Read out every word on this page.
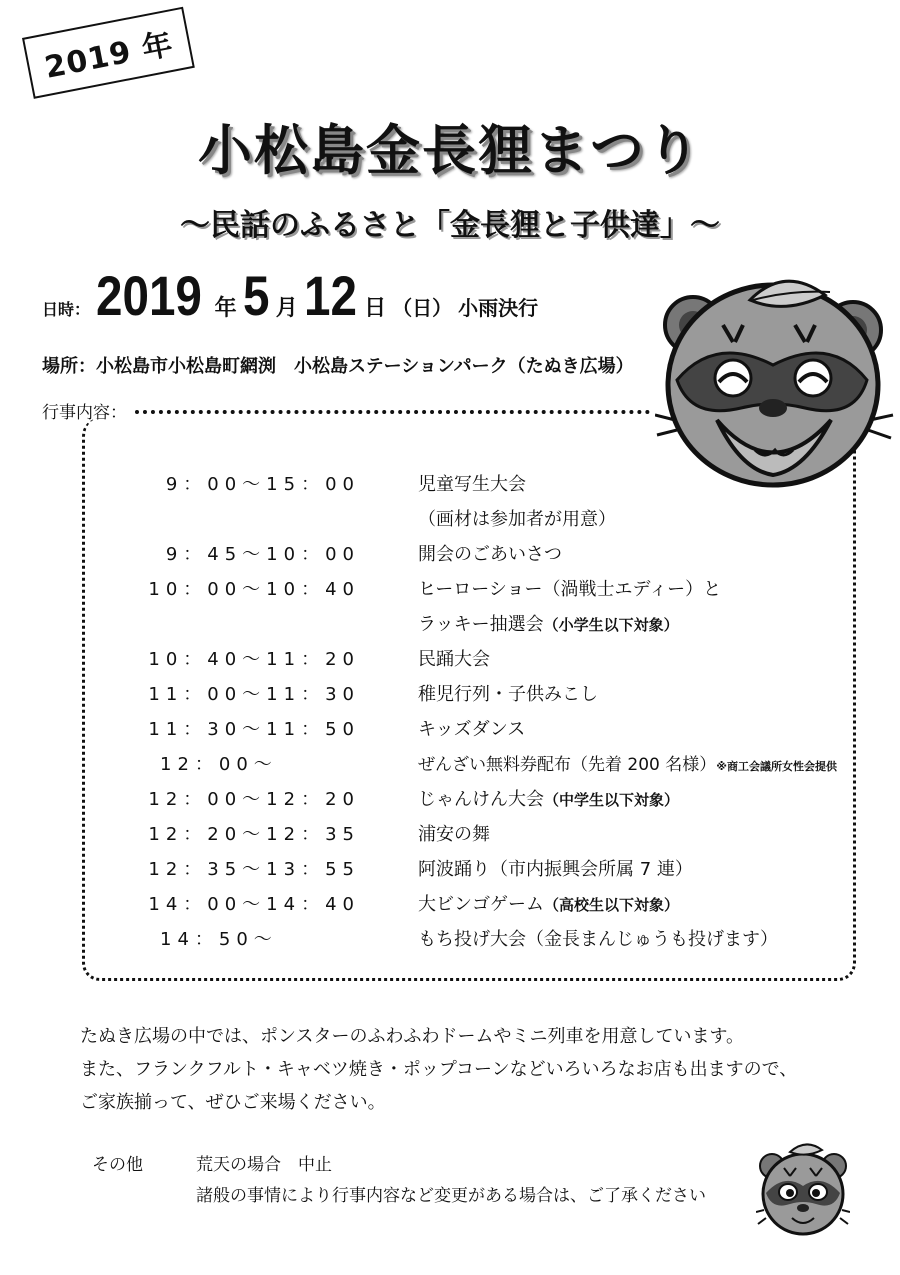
2019 年
小松島金長狸まつり
～民話のふるさと「金長狸と子供達」～
日時： 2019 年 5 月 12 日 （日） 小雨決行
場所：小松島市小松島町網渕　小松島ステーションパーク（たぬき広場）
行事内容：
9：00～15：00	児童写生大会
（画材は参加者が用意）
9：45～10：00	開会のごあいさつ
10：00～10：40	ヒーローショー（渦戦士エディー）と
ラッキー抽選会（小学生以下対象）
10：40～11：20	民踊大会
11：00～11：30	稚児行列・子供みこし
11：30～11：50	キッズダンス
12：00～	ぜんざい無料券配布（先着 200 名様）※商工会議所女性会提供
12：00～12：20	じゃんけん大会（中学生以下対象）
12：20～12：35	浦安の舞
12：35～13：55	阿波踊り（市内振興会所属 7 連）
14：00～14：40	大ビンゴゲーム（高校生以下対象）
14：50～	もち投げ大会（金長まんじゅうも投げます）
たぬき広場の中では、ポンスターのふわふわドームやミニ列車を用意しています。
また、フランクフルト・キャベツ焼き・ポップコーンなどいろいろなお店も出ますので、
ご家族揃って、ぜひご来場ください。
その他	荒天の場合　中止
諸般の事情により行事内容など変更がある場合は、ご了承ください
